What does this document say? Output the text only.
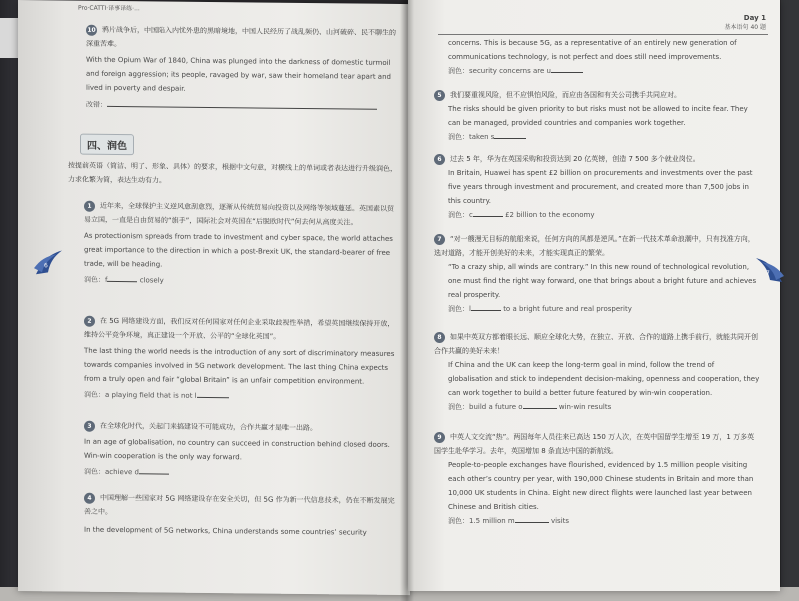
Pro·CATTI·译事译练·...
10 鸦片战争后，中国陷入内忧外患的黑暗境地，中国人民经历了战乱频仍、山河破碎、民不聊生的深重苦难。
With the Opium War of 1840, China was plunged into the darkness of domestic turmoil and foreign aggression; its people, ravaged by war, saw their homeland tear apart and lived in poverty and despair.
改错：
四、润色
按提前英语（简洁、明了、形象、具体）的要求，根据中文句意，对横线上的单词或者表达进行升级润色，力求化繁为简，表达生动有力。
1 近年来，全球保护主义逆风愈刮愈烈，逐渐从传统贸易向投资以及网络等领域蔓延。英国素以贸易立国，一直是自由贸易的“旗手”，国际社会对英国在“后脱欧时代”何去何从高度关注。
As protectionism spreads from trade to investment and cyber space, the world attaches great importance to the direction in which a post-Brexit UK, the standard-bearer of free trade, will be heading.
润色：f	closely
2 在 5G 网络建设方面，我们反对任何国家对任何企业采取歧视性举措，希望英国继续保持开放，维持公平竞争环境，真正建设一个开放、公平的“全球化英国”。
The last thing the world needs is the introduction of any sort of discriminatory measures towards companies involved in 5G network development. The last thing China expects from a truly open and fair “global Britain” is an unfair competition environment.
润色：a playing field that is not l
3 在全球化时代，关起门来搞建设不可能成功，合作共赢才是唯一出路。
In an age of globalisation, no country can succeed in construction behind closed doors. Win-win cooperation is the only way forward.
润色：achieve d
4 中国理解一些国家对 5G 网络建设存在安全关切，但 5G 作为新一代信息技术，仍在不断发展完善之中。
In the development of 5G networks, China understands some countries’ security
6
Day 1
基本语句 40 题
concerns. This is because 5G, as a representative of an entirely new generation of communications technology, is not perfect and does still need improvements.
润色：security concerns are u
5 我们要重视风险，但不应惧怕风险，而应由各国和有关公司携手共同应对。
The risks should be given priority to but risks must not be allowed to incite fear. They can be managed, provided countries and companies work together.
润色：taken s
6 过去 5 年，华为在英国采购和投资达到 20 亿英镑，创造 7 500 多个就业岗位。
In Britain, Huawei has spent £2 billion on procurements and investments over the past five years through investment and procurement, and created more than 7,500 jobs in this country.
润色：c	£2 billion to the economy
7 “对一艘漫无目标的航船来说，任何方向的风都是逆风。”在新一代技术革命浪潮中，只有找准方向，选对道路，才能开创美好的未来，才能实现真正的繁荣。
“To a crazy ship, all winds are contrary.” In this new round of technological revolution, one must find the right way forward, one that brings about a bright future and achieves real prosperity.
润色：l	to a bright future and real prosperity
8 如果中英双方都着眼长远、顺应全球化大势，在独立、开放、合作的道路上携手前行，就能共同开创合作共赢的美好未来！
If China and the UK can keep the long-term goal in mind, follow the trend of globalisation and stick to independent decision-making, openness and cooperation, they can work together to build a better future featured by win-win cooperation.
润色：build a future o	win-win results
9 中英人文交流“热”。两国每年人员往来已高达 150 万人次，在英中国留学生增至 19 万，1 万多英国学生赴华学习。去年，英国增加 8 条直达中国的新航线。
People-to-people exchanges have flourished, evidenced by 1.5 million people visiting each other’s country per year, with 190,000 Chinese students in Britain and more than 10,000 UK students in China. Eight new direct flights were launched last year between Chinese and British cities.
润色：1.5 million m	visits
7
